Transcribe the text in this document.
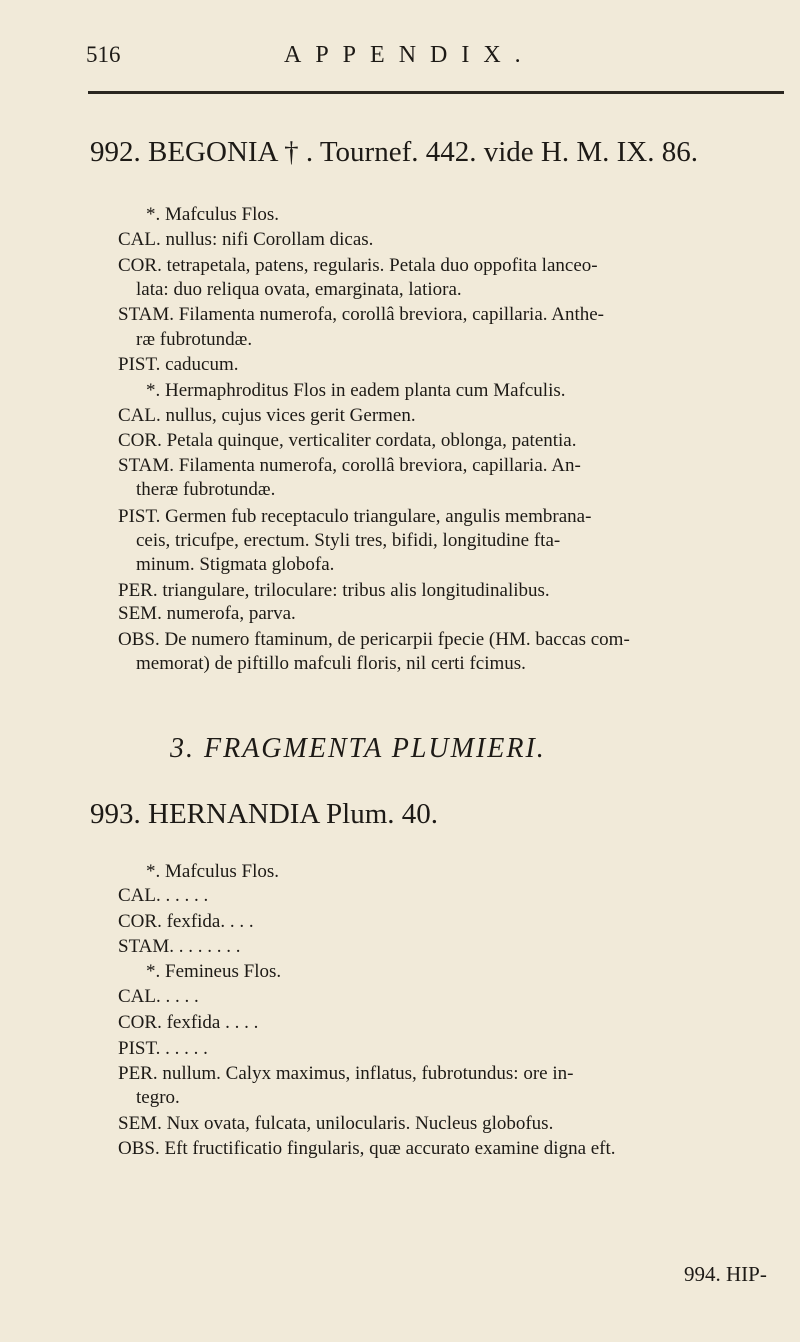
516	APPENDIX.
992. BEGONIA † . Tournef. 442. vide H. M. IX. 86.
*. Mafculus Flos.
CAL. nullus: nifi Corollam dicas.
COR. tetrapetala, patens, regularis. Petala duo oppofita lanceo-
lata: duo reliqua ovata, emarginata, latiora.
STAM. Filamenta numerofa, corollâ breviora, capillaria. Anthe-
ræ fubrotundæ.
PIST. caducum.
*. Hermaphroditus Flos in eadem planta cum Mafculis.
CAL. nullus, cujus vices gerit Germen.
COR. Petala quinque, verticaliter cordata, oblonga, patentia.
STAM. Filamenta numerofa, corollâ breviora, capillaria. An-
theræ fubrotundæ.
PIST. Germen fub receptaculo triangulare, angulis membrana-
ceis, tricufpe, erectum. Styli tres, bifidi, longitudine fta-
minum. Stigmata globofa.
PER. triangulare, triloculare: tribus alis longitudinalibus.
SEM. numerofa, parva.
OBS. De numero ftaminum, de pericarpii fpecie (HM. baccas com-
memorat) de piftillo mafculi floris, nil certi fcimus.
3. FRAGMENTA PLUMIERI.
993. HERNANDIA Plum. 40.
*. Mafculus Flos.
CAL. . . . . .
COR. fexfida. . . .
STAM. . . . . . . .
*. Femineus Flos.
CAL. . . . .
COR. fexfida . . . .
PIST. . . . . .
PER. nullum. Calyx maximus, inflatus, fubrotundus: ore in-
tegro.
SEM. Nux ovata, fulcata, unilocularis. Nucleus globofus.
OBS. Eft fructificatio fingularis, quæ accurato examine digna eft.
994. HIP-
